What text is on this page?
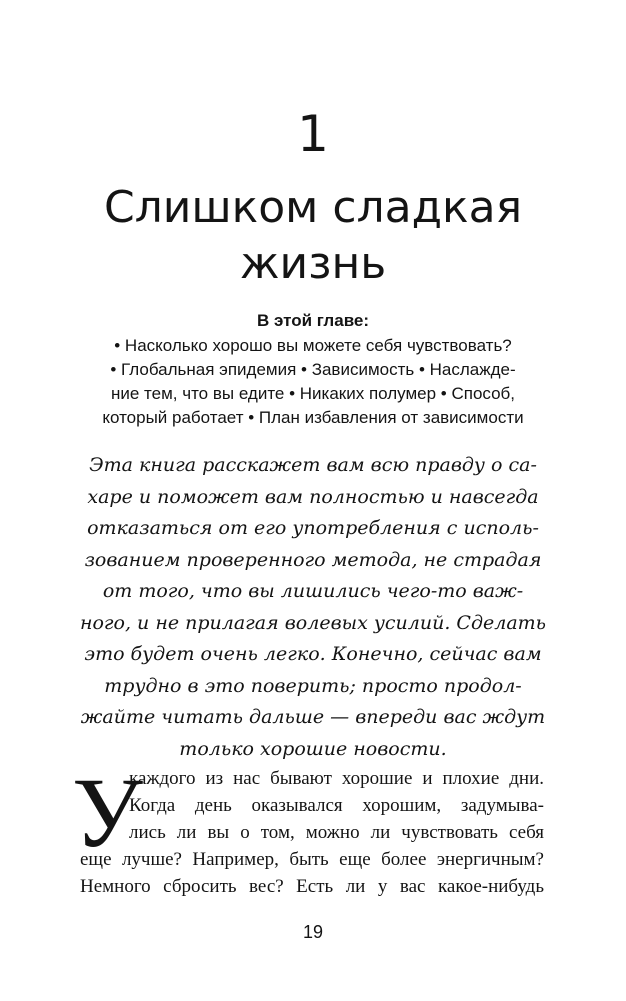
1
Слишком сладкая
жизнь
В этой главе:
• Насколько хорошо вы можете себя чувствовать?
• Глобальная эпидемия • Зависимость • Наслажде-
ние тем, что вы едите • Никаких полумер • Способ,
который работает • План избавления от зависимости
Эта книга расскажет вам всю правду о са-
харе и поможет вам полностью и навсегда
отказаться от его употребления с исполь-
зованием проверенного метода, не страдая
от того, что вы лишились чего-то важ-
ного, и не прилагая волевых усилий. Сделать
это будет очень легко. Конечно, сейчас вам
трудно в это поверить; просто продол-
жайте читать дальше — впереди вас ждут
только хорошие новости.
У
каждого из нас бывают хорошие и плохие дни.
Когда день оказывался хорошим, задумыва-
лись ли вы о том, можно ли чувствовать себя
еще лучше? Например, быть еще более энергичным?
Немного сбросить вес? Есть ли у вас какое-нибудь
19
